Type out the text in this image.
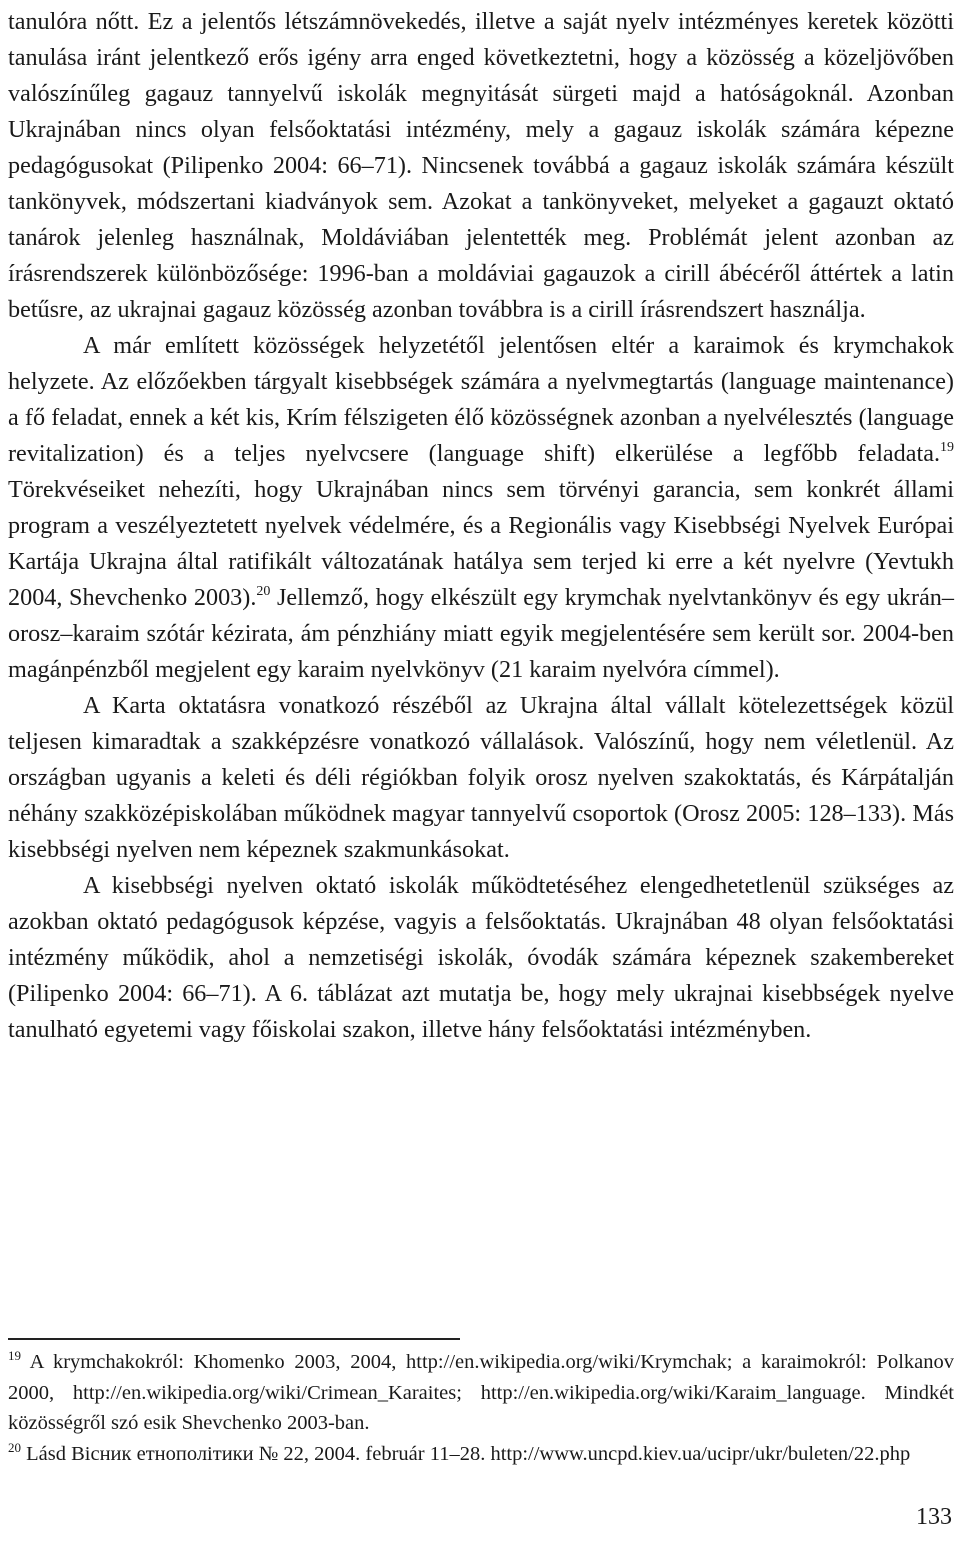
tanulóra nőtt. Ez a jelentős létszámnövekedés, illetve a saját nyelv intézményes keretek közötti tanulása iránt jelentkező erős igény arra enged következtetni, hogy a közösség a közeljövőben valószínűleg gagauz tannyelvű iskolák megnyitását sürgeti majd a hatóságoknál. Azonban Ukrajnában nincs olyan felsőoktatási intézmény, mely a gagauz iskolák számára képezne pedagógusokat (Pilipenko 2004: 66–71). Nincsenek továbbá a gagauz iskolák számára készült tankönyvek, módszertani kiadványok sem. Azokat a tankönyveket, melyeket a gagauzt oktató tanárok jelenleg használnak, Moldáviában jelentették meg. Problémát jelent azonban az írásrendszerek különbözősége: 1996-ban a moldáviai gagauzok a cirill ábécéről áttértek a latin betűsre, az ukrajnai gagauz közösség azonban továbbra is a cirill írásrendszert használja.

A már említett közösségek helyzetétől jelentősen eltér a karaimok és krymchakok helyzete. Az előzőekben tárgyalt kisebbségek számára a nyelvmegtartás (language maintenance) a fő feladat, ennek a két kis, Krím félszigeten élő közösségnek azonban a nyelvélesztés (language revitalization) és a teljes nyelvcsere (language shift) elkerülése a legfőbb feladata.$^{19}$ Törekvéseiket nehezíti, hogy Ukrajnában nincs sem törvényi garancia, sem konkrét állami program a veszélyeztetett nyelvek védelmére, és a Regionális vagy Kisebbségi Nyelvek Európai Kartája Ukrajna által ratifikált változatának hatálya sem terjed ki erre a két nyelvre (Yevtukh 2004, Shevchenko 2003).$^{20}$ Jellemző, hogy elkészült egy krymchak nyelvtankönyv és egy ukrán–orosz–karaim szótár kézirata, ám pénzhiány miatt egyik megjelentésére sem került sor. 2004-ben magánpénzből megjelent egy karaim nyelvkönyv (21 karaim nyelvóra címmel).

A Karta oktatásra vonatkozó részéből az Ukrajna által vállalt kötelezettségek közül teljesen kimaradtak a szakképzésre vonatkozó vállalások. Valószínű, hogy nem véletlenül. Az országban ugyanis a keleti és déli régiókban folyik orosz nyelven szakoktatás, és Kárpátalján néhány szakközépiskolában működnek magyar tannyelvű csoportok (Orosz 2005: 128–133). Más kisebbségi nyelven nem képeznek szakmunkásokat.

A kisebbségi nyelven oktató iskolák működtetéséhez elengedhetetlenül szükséges az azokban oktató pedagógusok képzése, vagyis a felsőoktatás. Ukrajnában 48 olyan felsőoktatási intézmény működik, ahol a nemzetiségi iskolák, óvodák számára képeznek szakembereket (Pilipenko 2004: 66–71). A 6. táblázat azt mutatja be, hogy mely ukrajnai kisebbségek nyelve tanulható egyetemi vagy főiskolai szakon, illetve hány felsőoktatási intézményben.

$^{19}$ A krymchakokról: Khomenko 2003, 2004, http://en.wikipedia.org/wiki/Krymchak; a karaimokról: Polkanov 2000, http://en.wikipedia.org/wiki/Crimean_Karaites; http://en.wikipedia.org/wiki/Karaim_language. Mindkét közösségről szó esik Shevchenko 2003-ban.

$^{20}$ Lásd Віcник етнополітики № 22, 2004. február 11–28. http://www.uncpd.kiev.ua/ucipr/ukr/buleten/22.php

133
